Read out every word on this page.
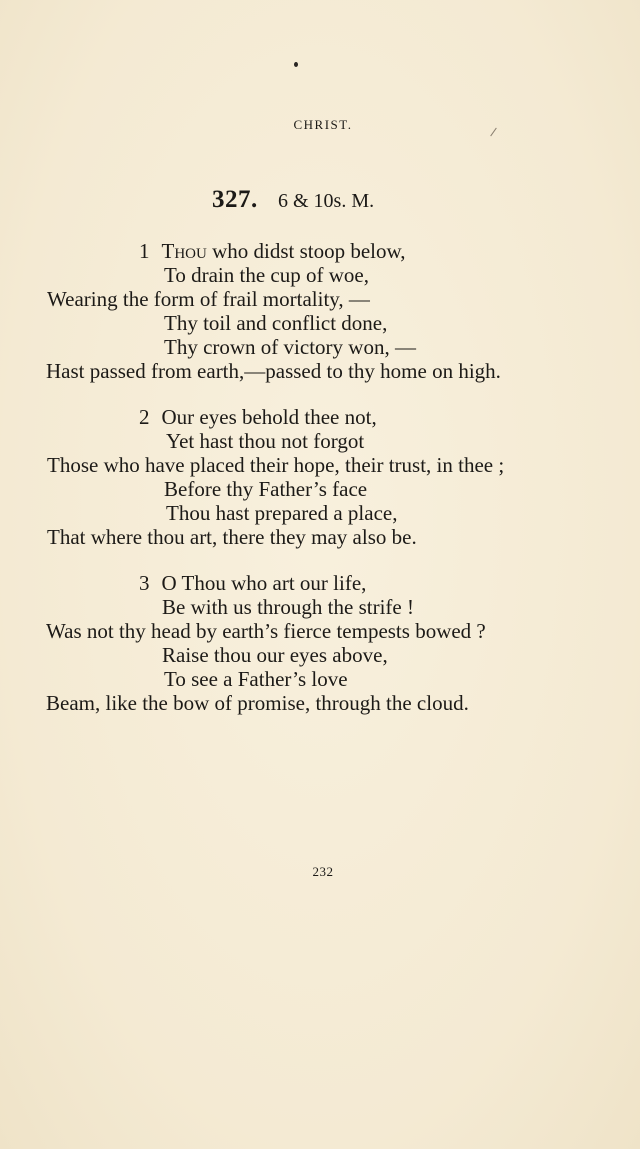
CHRIST.
327. 6 & 10s. M.
1 Thou who didst stoop below,
To drain the cup of woe,
Wearing the form of frail mortality, —
Thy toil and conflict done,
Thy crown of victory won, —
Hast passed from earth,—passed to thy home on high.
2 Our eyes behold thee not,
Yet hast thou not forgot
Those who have placed their hope, their trust, in thee ;
Before thy Father’s face
Thou hast prepared a place,
That where thou art, there they may also be.
3 O Thou who art our life,
Be with us through the strife !
Was not thy head by earth’s fierce tempests bowed ?
Raise thou our eyes above,
To see a Father’s love
Beam, like the bow of promise, through the cloud.
232
